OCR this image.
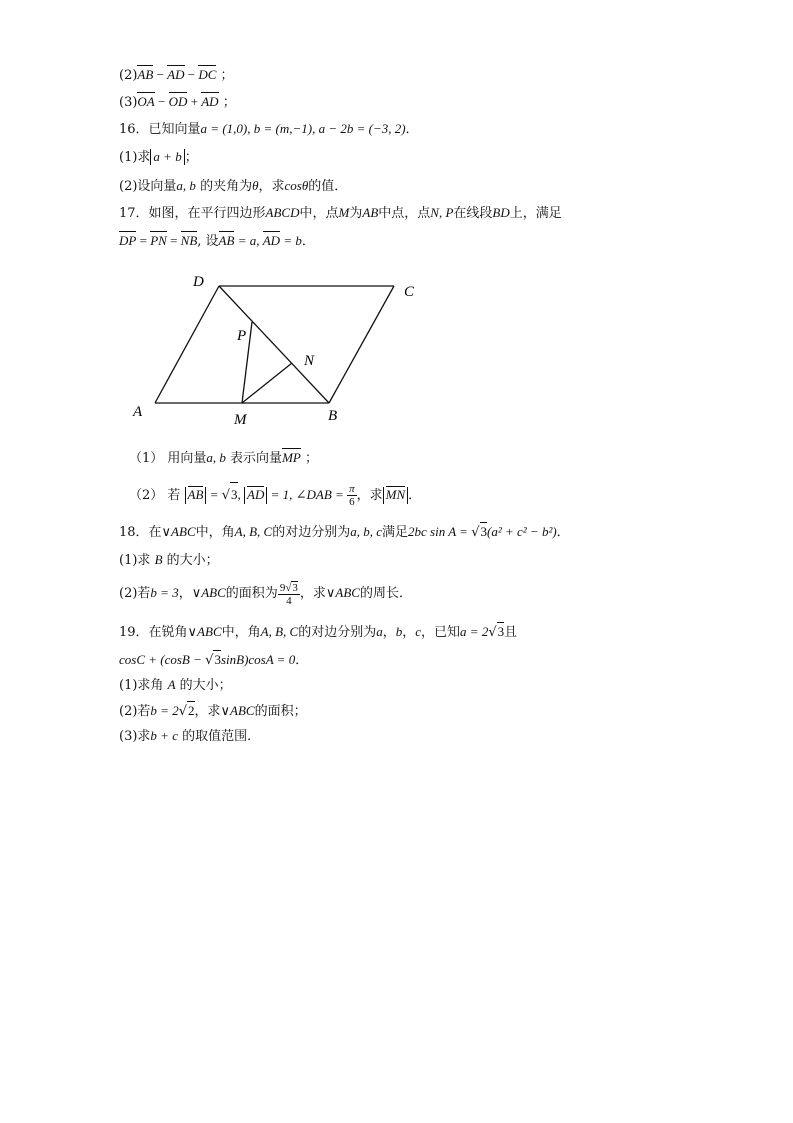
(2)AB − AD − DC ；
(3)OA − OD + AD ；
16．已知向量a = (1,0), b = (m,−1), a − 2b = (−3, 2)．
(1)求 a + b ；
(2)设向量a, b 的夹角为θ，求cosθ的值．
17．如图，在平行四边形ABCD中，点M为AB中点，点N, P在线段BD上，满足
DP = PN = NB, 设AB = a, AD = b．
D
C
P
N
A	M	B
（1） 用向量a, b 表示向量MP ；
（2） 若 AB = √3, AD = 1, ∠DAB = $\frac{\pi}{6}$ ，求 MN ．
18．在∨ABC中，角A, B, C的对边分别为a, b, c满足2bc sin A = √3(a² + c² − b²)．
(1)求 B 的大小；
(2)若b = 3，∨ABC的面积为 $\frac{9√3}{4}$ ，求∨ABC的周长．
19．在锐角∨ABC中，角A, B, C的对边分别为a，b，c，已知a = 2√3且
cosC + (cosB − √3sinB)cosA = 0．
(1)求角 A 的大小；
(2)若b = 2√2，求∨ABC的面积；
(3)求b + c 的取值范围．
